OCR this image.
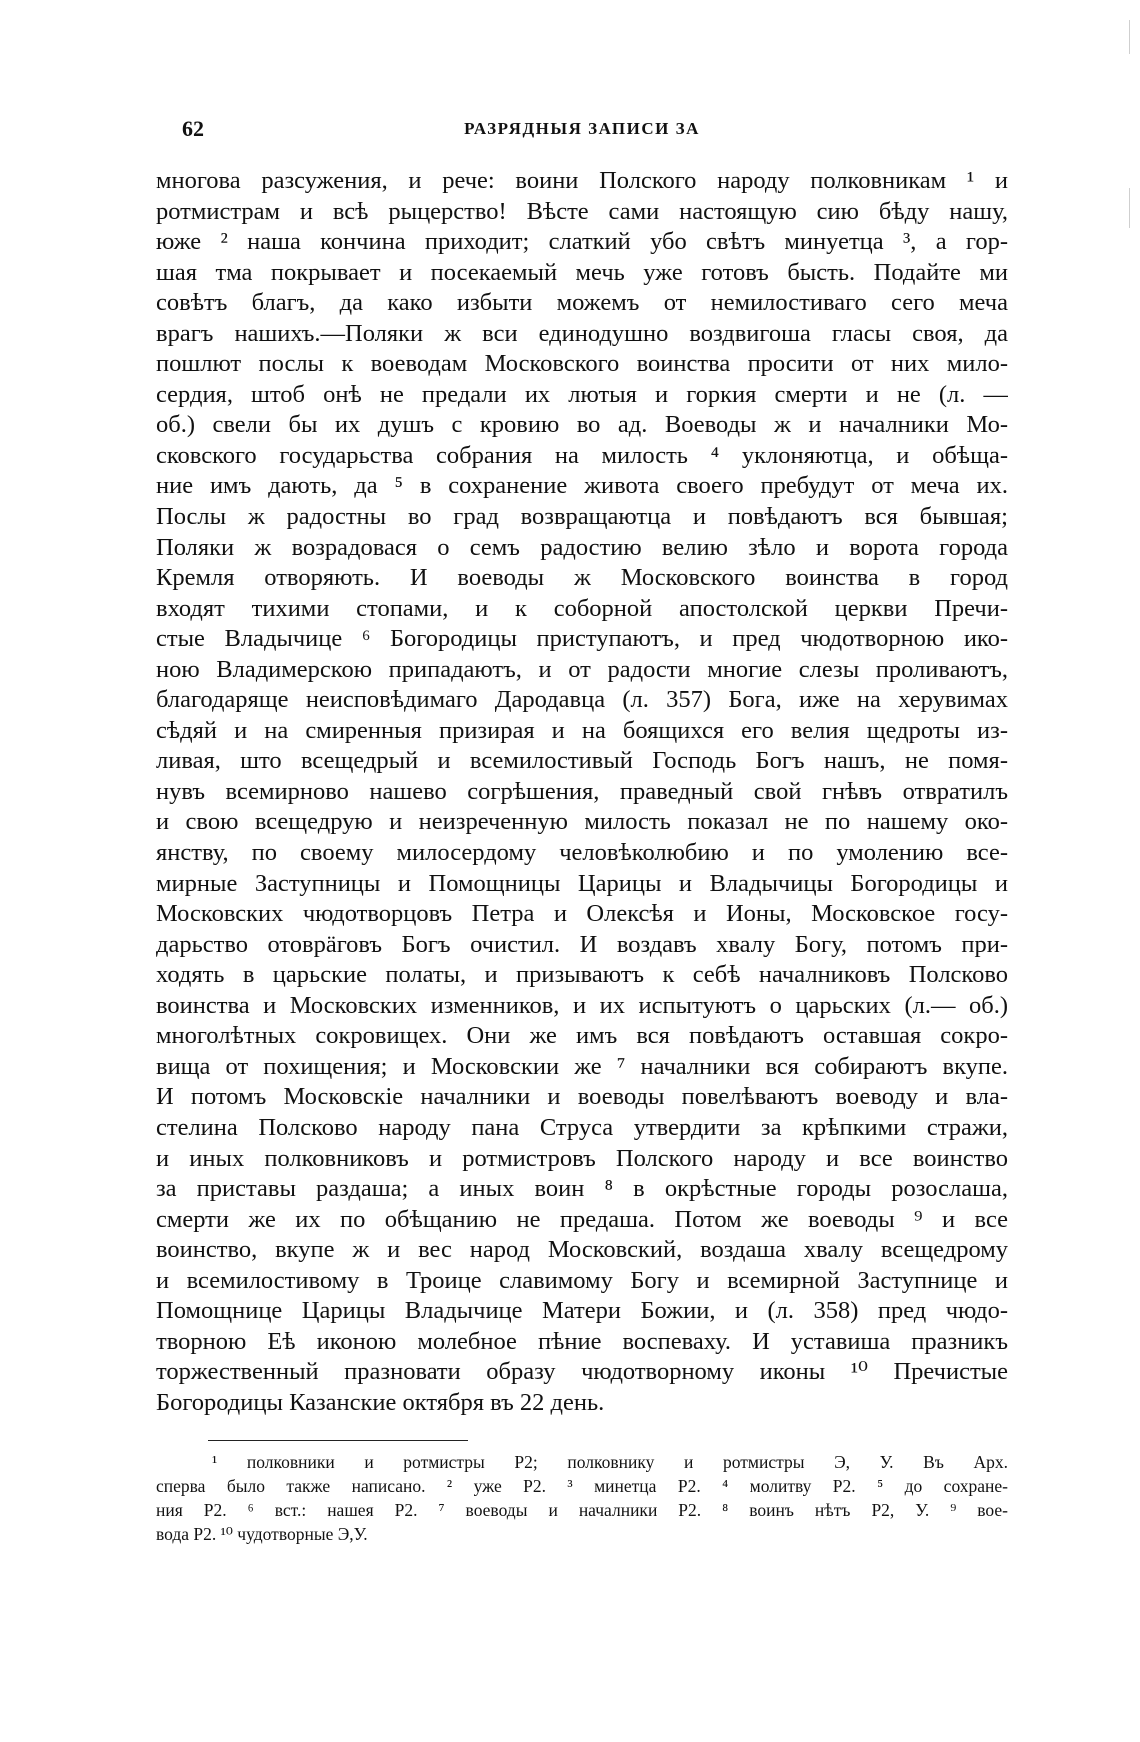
62	РАЗРЯДНЫЯ ЗАПИСИ ЗА
многова разсужения, и рече: воини Полского народу полковникам ¹ и
ротмистрам и всѣ рыцерство! Вѣсте сами настоящую сию бѣду нашу,
юже ² наша кончина приходит; слаткий убо свѣтъ минуетца ³, а гор-
шая тма покрывает и посекаемый мечь уже готовъ бысть. Подайте ми
совѣтъ благъ, да како избыти можемъ от немилостиваго сего меча
врагъ нашихъ.—Поляки ж вси единодушно воздвигоша гласы своя, да
пошлют послы к воеводам Московского воинства просити от них мило-
сердия, штоб онѣ не предали их лютыя и горкия смерти и не (л. —
об.) свели бы их душъ с кровию во ад. Воеводы ж и началники Мо-
сковского государьства собрания на милость ⁴ уклоняютца, и обѣща-
ние имъ дають, да ⁵ в сохранение живота своего пребудут от меча их.
Послы ж радостны во град возвращаютца и повѣдаютъ вся бывшая;
Поляки ж возрадовася о семъ радостию велию зѣло и ворота города
Кремля отворяють. И воеводы ж Московского воинства в город
входят тихими стопами, и к соборной апостолской церкви Пречи-
стые Владычице ⁶ Богородицы приступаютъ, и пред чюдотворною ико-
ною Владимерскою припадаютъ, и от радости многие слезы проливаютъ,
благодаряще неисповѣдимаго Дародавца (л. 357) Бога, иже на херувимах
сѣдяй и на смиренныя призирая и на боящихся его велия щедроты из-
ливая, што всещедрый и всемилостивый Господь Богъ нашъ, не помя-
нувъ всемирново нашево согрѣшения, праведный свой гнѣвъ отвратилъ
и свою всещедрую и неизреченную милость показал не по нашему око-
янству, по своему милосердому человѣколюбию и по умолению все-
мирные Заступницы и Помощницы Царицы и Владычицы Богородицы и
Московских чюдотворцовъ Петра и Олексѣя и Ионы, Московское госу-
дарьство отоврäговъ Богъ очистил. И воздавъ хвалу Богу, потомъ при-
ходять в царьские полаты, и призываютъ к себѣ началниковъ Полсково
воинства и Московских изменников, и их испытуютъ о царьских (л.— об.)
многолѣтных сокровищех. Они же имъ вся повѣдаютъ оставшая сокро-
вища от похищения; и Московскии же ⁷ началники вся собираютъ вкупе.
И потомъ Московскіе началники и воеводы повелѣваютъ воеводу и вла-
стелина Полсково народу пана Струса утвердити за крѣпкими стражи,
и иных полковниковъ и ротмистровъ Полского народу и все воинство
за приставы раздаша; а иных воин ⁸ в окрѣстные городы розослаша,
смерти же их по обѣщанию не предаша. Потом же воеводы ⁹ и все
воинство, вкупе ж и вес народ Московский, воздаша хвалу всещедрому
и всемилостивому в Троице славимому Богу и всемирной Заступнице и
Помощнице Царицы Владычице Матери Божии, и (л. 358) пред чюдо-
творною Еѣ иконою молебное пѣние воспеваху. И уставиша празникъ
торжественный празновати образу чюдотворному иконы ¹⁰ Пречистые
Богородицы Казанские октября въ 22 день.
¹ полковники и ротмистры Р2; полковнику и ротмистры Э, У. Въ Арх.
сперва было также написано. ² уже Р2. ³ минетца Р2. ⁴ молитву Р2. ⁵ до сохране-
ния Р2. ⁶ вст.: нашея Р2. ⁷ воеводы и началники Р2. ⁸ воинъ нѣтъ Р2, У. ⁹ вое-
вода Р2. ¹⁰ чудотворные Э,У.
